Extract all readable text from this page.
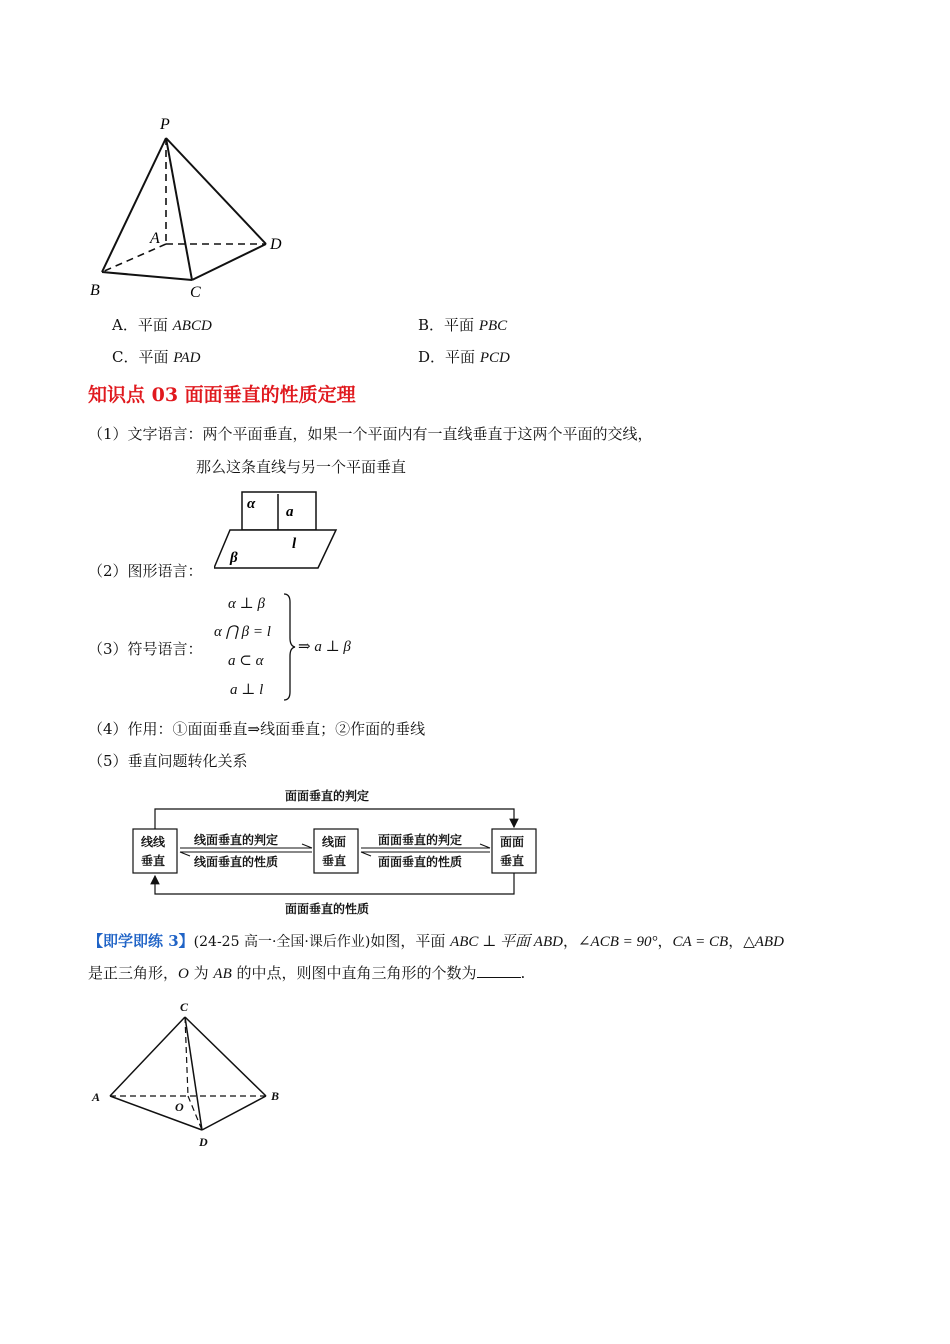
P
A
B	C
D
A．平面 ABCD	B．平面 PBC
C．平面 PAD	D．平面 PCD
知识点 03 面面垂直的性质定理
（1）文字语言：两个平面垂直，如果一个平面内有一直线垂直于这两个平面的交线，
那么这条直线与另一个平面垂直
α a
l
β
（2）图形语言：
（3）符号语言：
α ⊥ β
α ⋂ β = l
a ⊂ α
a ⊥ l
⇒ a ⊥ β
（4）作用：①面面垂直⇒线面垂直；②作面的垂线
（5）垂直问题转化关系
线线
垂直
线面
垂直
面面
垂直
面面垂直的判定
面面垂直的性质
线面垂直的判定
线面垂直的性质
面面垂直的判定
面面垂直的性质
【即学即练 3】(24-25 高一·全国·课后作业)如图，平面 ABC ⊥ 平面 ABD，∠ACB = 90°，CA = CB，△ABD
是正三角形，O 为 AB 的中点，则图中直角三角形的个数为	.
C
A	B
O
D
